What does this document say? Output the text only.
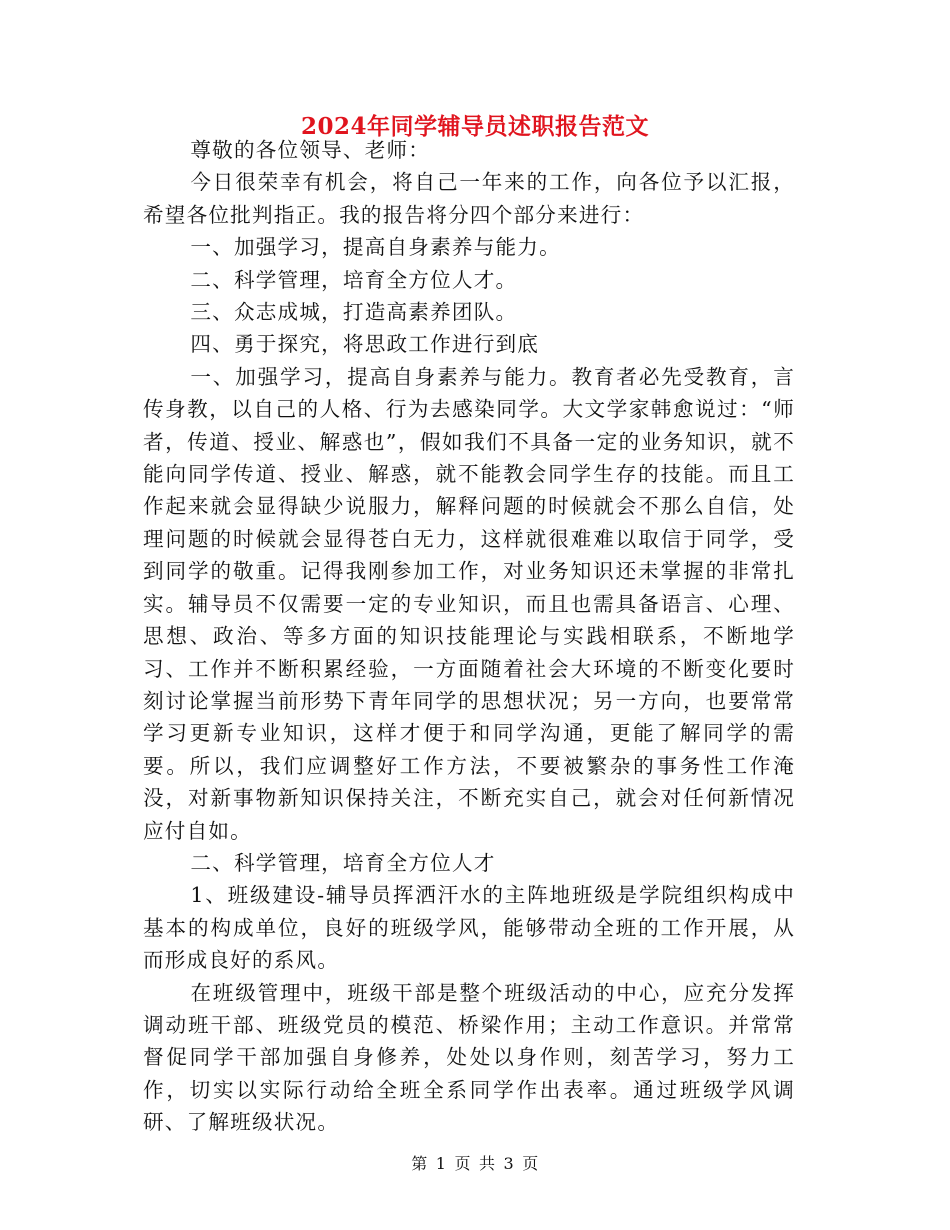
2024年同学辅导员述职报告范文

尊敬的各位领导、老师：

今日很荣幸有机会，将自己一年来的工作，向各位予以汇报，希望各位批判指正。我的报告将分四个部分来进行：

一、加强学习，提高自身素养与能力。

二、科学管理，培育全方位人才。

三、众志成城，打造高素养团队。

四、勇于探究，将思政工作进行到底

一、加强学习，提高自身素养与能力。教育者必先受教育，言传身教，以自己的人格、行为去感染同学。大文学家韩愈说过：“师者，传道、授业、解惑也”，假如我们不具备一定的业务知识，就不能向同学传道、授业、解惑，就不能教会同学生存的技能。而且工作起来就会显得缺少说服力，解释问题的时候就会不那么自信，处理问题的时候就会显得苍白无力，这样就很难难以取信于同学，受到同学的敬重。记得我刚参加工作，对业务知识还未掌握的非常扎实。辅导员不仅需要一定的专业知识，而且也需具备语言、心理、思想、政治、等多方面的知识技能理论与实践相联系，不断地学习、工作并不断积累经验，一方面随着社会大环境的不断变化要时刻讨论掌握当前形势下青年同学的思想状况；另一方向，也要常常学习更新专业知识，这样才便于和同学沟通，更能了解同学的需要。所以，我们应调整好工作方法，不要被繁杂的事务性工作淹没，对新事物新知识保持关注，不断充实自己，就会对任何新情况应付自如。

二、科学管理，培育全方位人才

1、班级建设-辅导员挥洒汗水的主阵地班级是学院组织构成中基本的构成单位，良好的班级学风，能够带动全班的工作开展，从而形成良好的系风。

在班级管理中，班级干部是整个班级活动的中心，应充分发挥调动班干部、班级党员的模范、桥梁作用；主动工作意识。并常常督促同学干部加强自身修养，处处以身作则，刻苦学习，努力工作，切实以实际行动给全班全系同学作出表率。通过班级学风调研、了解班级状况。

第 1 页 共 3 页
